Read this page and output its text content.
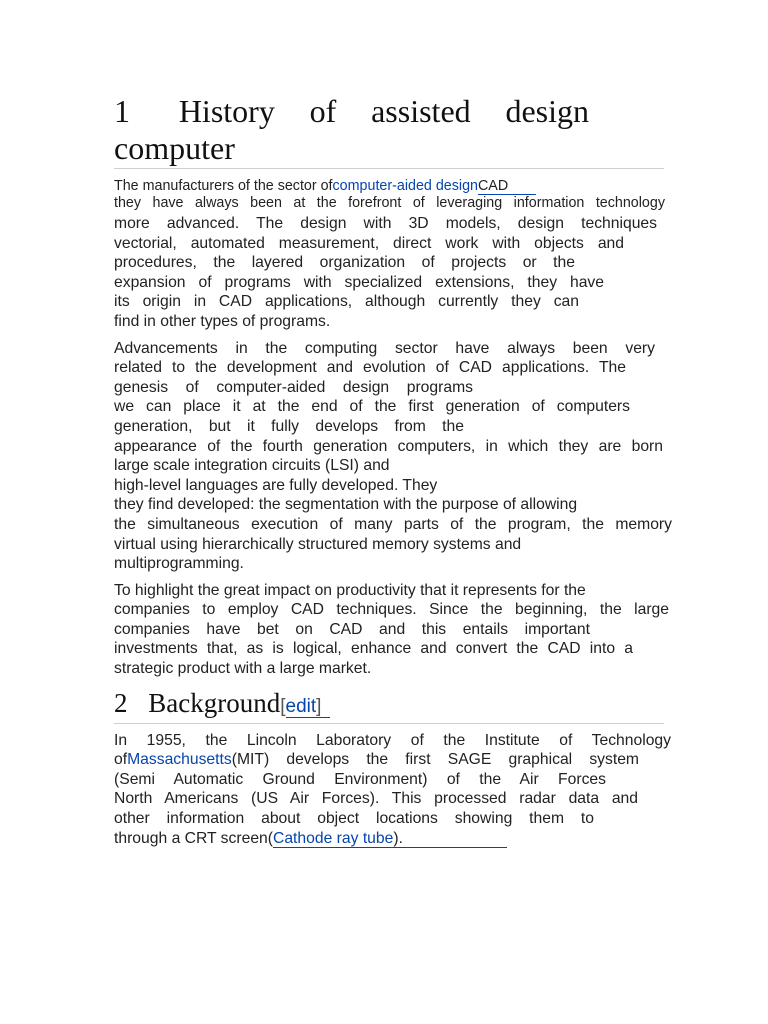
1 History of assisted design
computer
The manufacturers of the sector ofcomputer-aided designCAD
they have always been at the forefront of leveraging information technology
more advanced. The design with 3D models, design techniques
vectorial, automated measurement, direct work with objects and
procedures, the layered organization of projects or the
expansion of programs with specialized extensions, they have
its origin in CAD applications, although currently they can
find in other types of programs.
Advancements in the computing sector have always been very
related to the development and evolution of CAD applications. The
genesis of computer-aided design programs
we can place it at the end of the first generation of computers
generation, but it fully develops from the
appearance of the fourth generation computers, in which they are born
large scale integration circuits (LSI) and
high-level languages are fully developed. They
they find developed: the segmentation with the purpose of allowing
the simultaneous execution of many parts of the program, the memory
virtual using hierarchically structured memory systems and
multiprogramming.
To highlight the great impact on productivity that it represents for the
companies to employ CAD techniques. Since the beginning, the large
companies have bet on CAD and this entails important
investments that, as is logical, enhance and convert the CAD into a
strategic product with a large market.
2 Background[edit]
In 1955, the Lincoln Laboratory of the Institute of Technology
ofMassachusetts(MIT) develops the first SAGE graphical system
(Semi Automatic Ground Environment) of the Air Forces
North Americans (US Air Forces). This processed radar data and
other information about object locations showing them to
through a CRT screen(Cathode ray tube).
